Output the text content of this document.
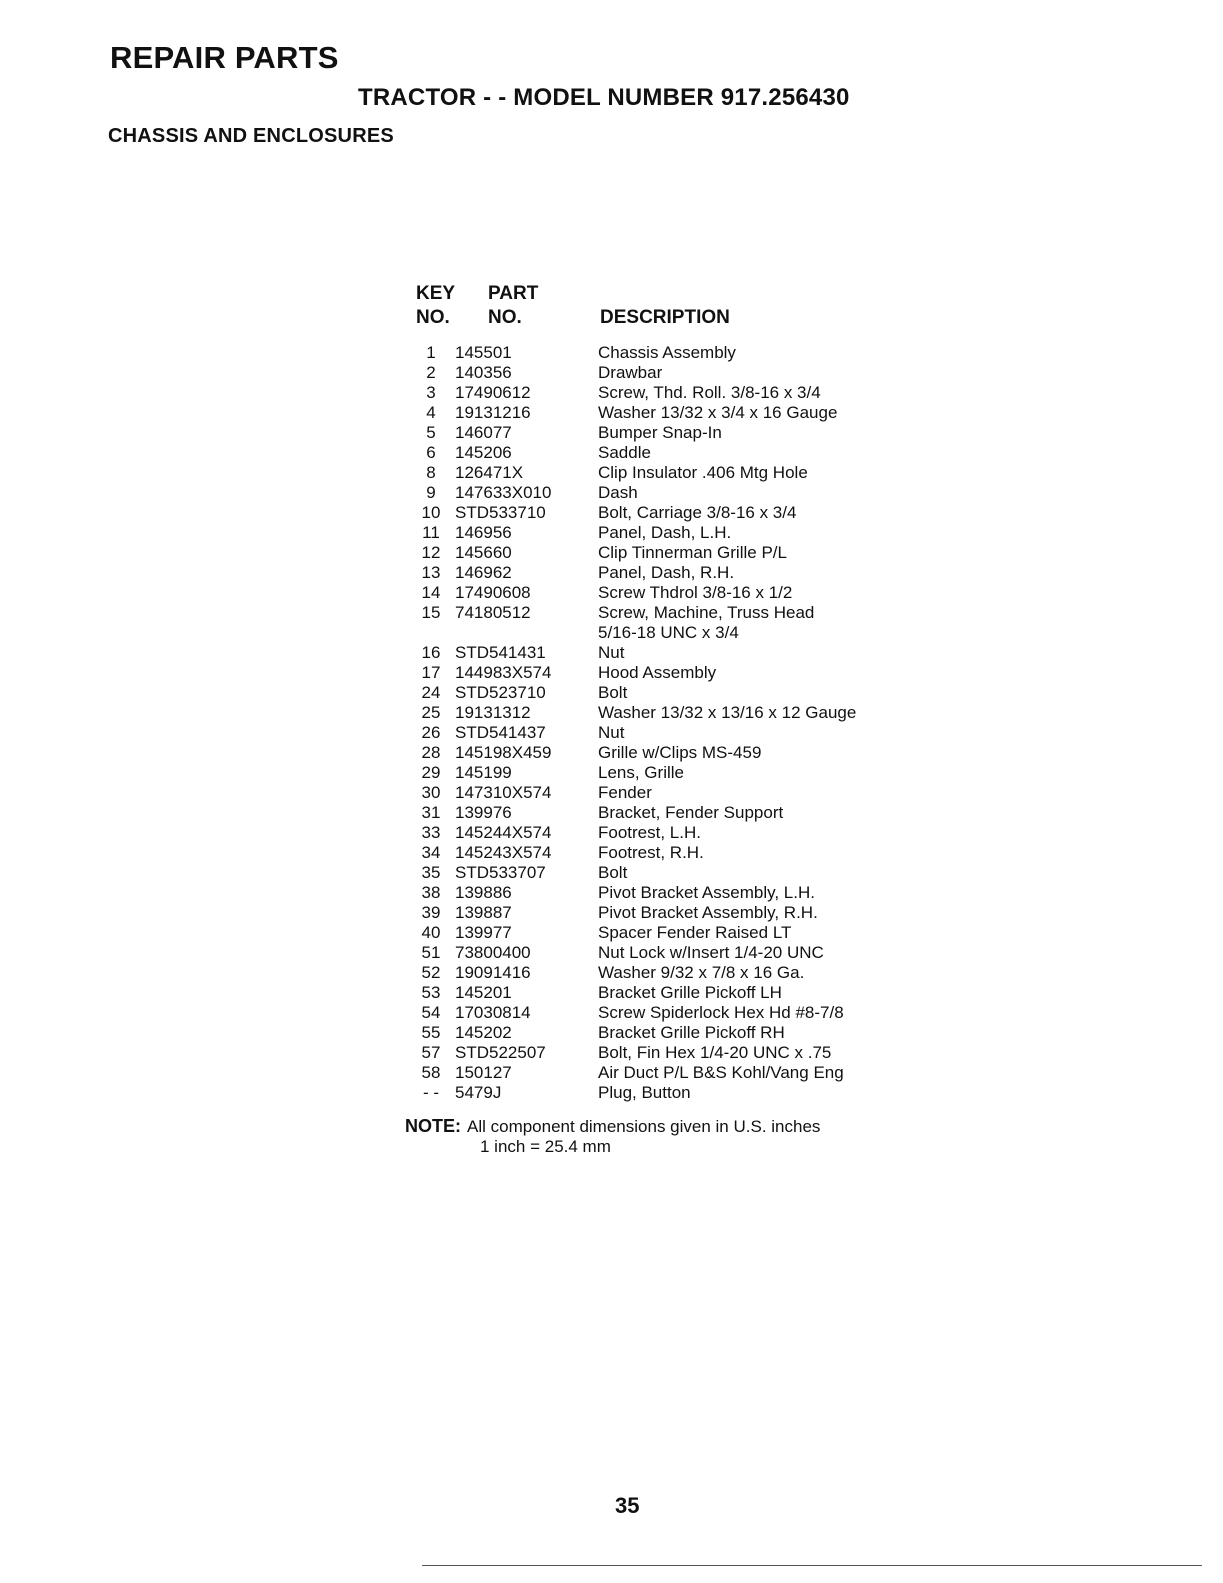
REPAIR PARTS
TRACTOR - - MODEL NUMBER 917.256430
CHASSIS AND ENCLOSURES
KEY
NO.
PART
NO.	DESCRIPTION
1	145501	Chassis Assembly
2	140356	Drawbar
3	17490612	Screw, Thd. Roll. 3/8-16 x 3/4
4	19131216	Washer 13/32 x 3/4 x 16 Gauge
5	146077	Bumper Snap-In
6	145206	Saddle
8	126471X	Clip Insulator .406 Mtg Hole
9	147633X010	Dash
10 STD533710	Bolt, Carriage 3/8-16 x 3/4
11 146956	Panel, Dash, L.H.
12 145660	Clip Tinnerman Grille P/L
13 146962	Panel, Dash, R.H.
14 17490608	Screw Thdrol 3/8-16 x 1/2
15 74180512	Screw, Machine, Truss Head
5/16-18 UNC x 3/4
16 STD541431	Nut
17 144983X574	Hood Assembly
24 STD523710	Bolt
25 19131312	Washer 13/32 x 13/16 x 12 Gauge
26 STD541437	Nut
28 145198X459	Grille w/Clips MS-459
29 145199	Lens, Grille
30 147310X574	Fender
31 139976	Bracket, Fender Support
33 145244X574	Footrest, L.H.
34 145243X574	Footrest, R.H.
35 STD533707	Bolt
38 139886	Pivot Bracket Assembly, L.H.
39 139887	Pivot Bracket Assembly, R.H.
40 139977	Spacer Fender Raised LT
51 73800400	Nut Lock w/Insert 1/4-20 UNC
52 19091416	Washer 9/32 x 7/8 x 16 Ga.
53 145201	Bracket Grille Pickoff LH
54 17030814	Screw Spiderlock Hex Hd #8-7/8
55 145202	Bracket Grille Pickoff RH
57 STD522507	Bolt, Fin Hex 1/4-20 UNC x .75
58 150127	Air Duct P/L B&S Kohl/Vang Eng
- - 5479J	Plug, Button
NOTE: All component dimensions given in U.S. inches
1 inch = 25.4 mm
35
